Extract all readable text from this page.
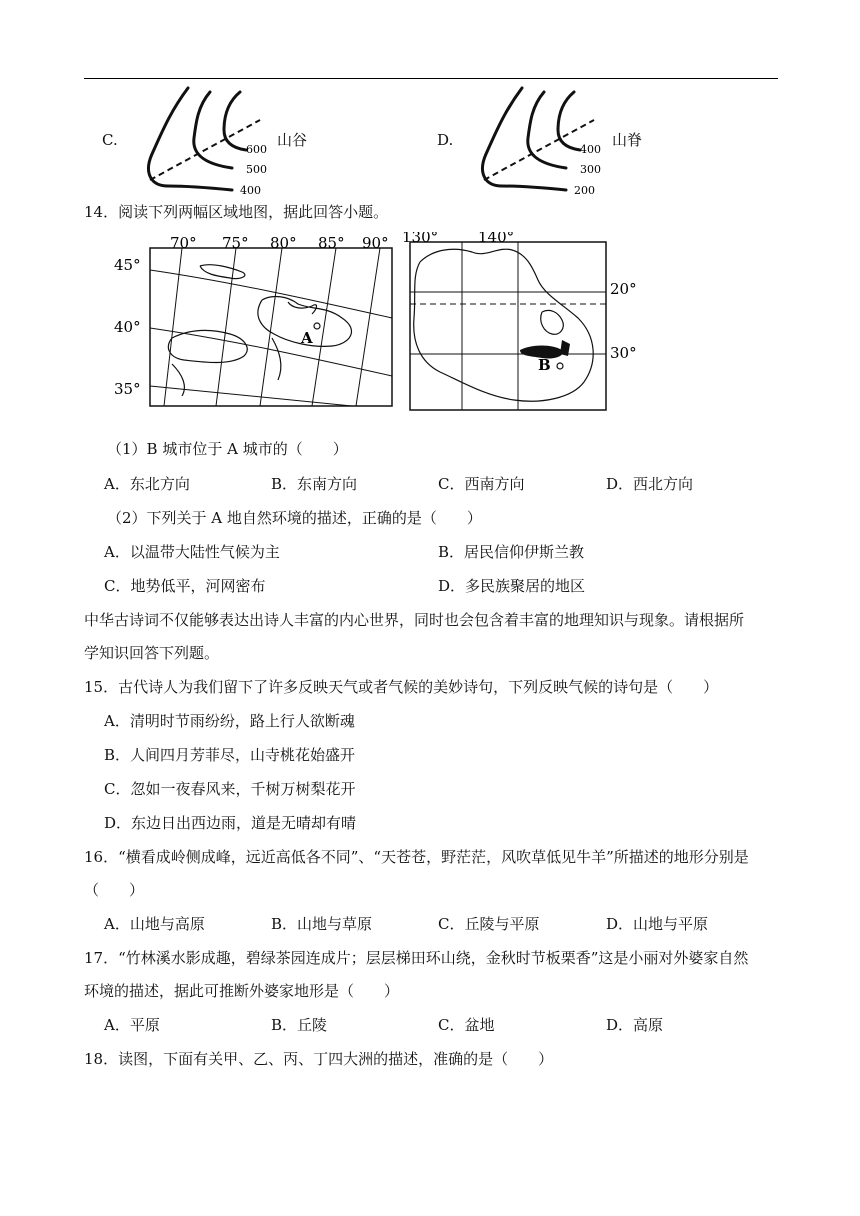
C.
600
500
400
山谷	D.
400
300
200
山脊
14．阅读下列两幅区域地图，据此回答小题。
A
70° 75° 80° 85° 90°
45°
40°
35°
B
130°	140°
20°
30°
（1）B 城市位于 A 城市的（　　）
A．东北方向	B．东南方向	C．西南方向	D．西北方向
（2）下列关于 A 地自然环境的描述，正确的是（　　）
A．以温带大陆性气候为主	B．居民信仰伊斯兰教
C．地势低平，河网密布	D．多民族聚居的地区
中华古诗词不仅能够表达出诗人丰富的内心世界，同时也会包含着丰富的地理知识与现象。请根据所
学知识回答下列题。
15．古代诗人为我们留下了许多反映天气或者气候的美妙诗句，下列反映气候的诗句是（　　）
A．清明时节雨纷纷，路上行人欲断魂
B．人间四月芳菲尽，山寺桃花始盛开
C．忽如一夜春风来，千树万树梨花开
D．东边日出西边雨，道是无晴却有晴
16．“横看成岭侧成峰，远近高低各不同”、“天苍苍，野茫茫，风吹草低见牛羊”所描述的地形分别是
（　　）
A．山地与高原	B．山地与草原	C．丘陵与平原	D．山地与平原
17．“竹林溪水影成趣，碧绿茶园连成片；层层梯田环山绕，金秋时节板栗香”这是小丽对外婆家自然
环境的描述，据此可推断外婆家地形是（　　）
A．平原	B．丘陵	C．盆地	D．高原
18．读图，下面有关甲、乙、丙、丁四大洲的描述，准确的是（　　）
